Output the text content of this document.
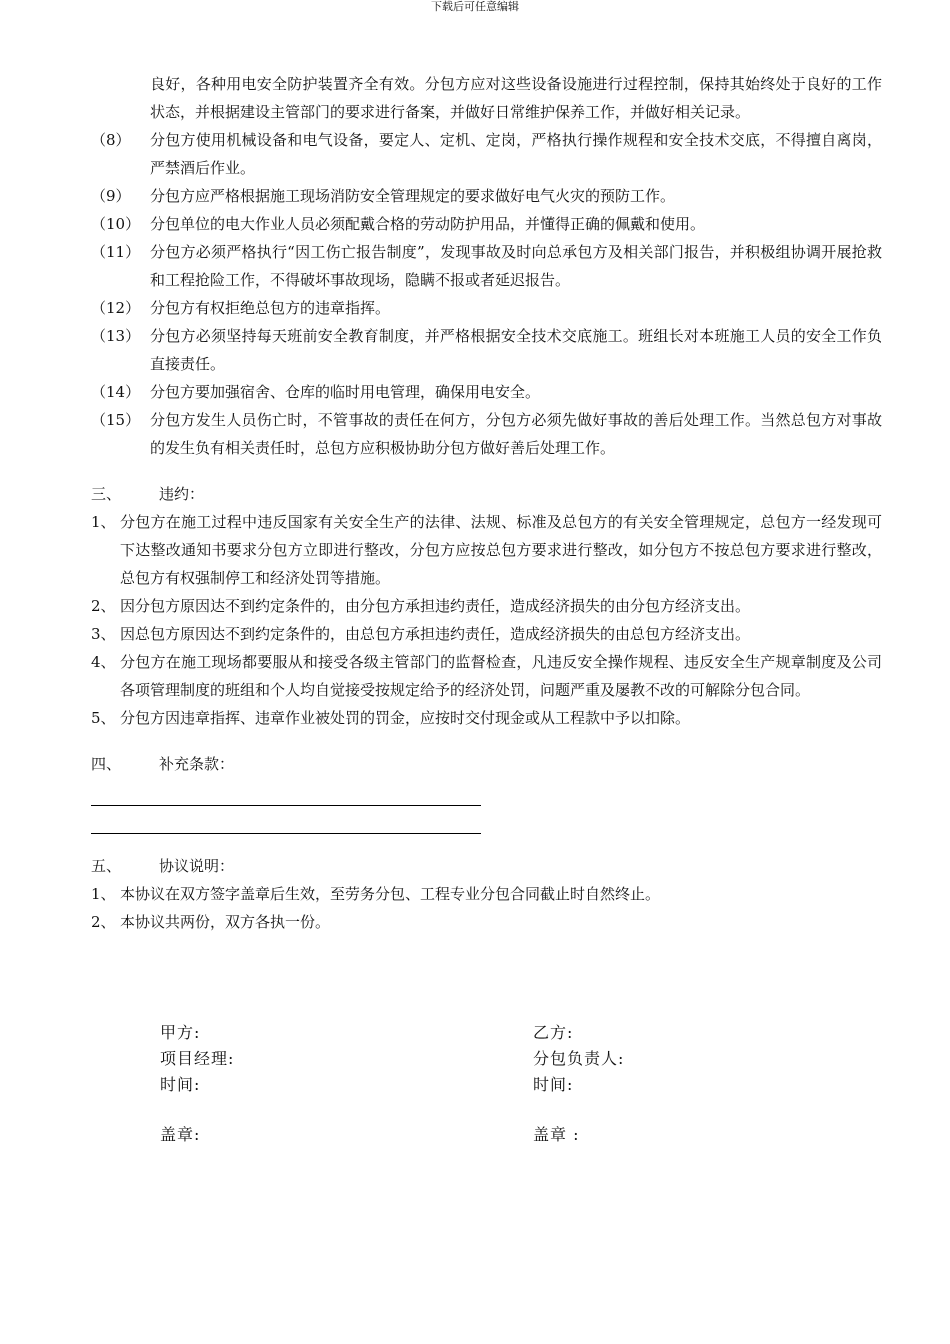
下载后可任意编辑
良好，各种用电安全防护装置齐全有效。分包方应对这些设备设施进行过程控制，保持其始终处于良好的工作状态，并根据建设主管部门的要求进行备案，并做好日常维护保养工作，并做好相关记录。
（8）	分包方使用机械设备和电气设备，要定人、定机、定岗，严格执行操作规程和安全技术交底，不得擅自离岗，严禁酒后作业。
（9）	分包方应严格根据施工现场消防安全管理规定的要求做好电气火灾的预防工作。
（10） 分包单位的电大作业人员必须配戴合格的劳动防护用品，并懂得正确的佩戴和使用。
（11） 分包方必须严格执行“因工伤亡报告制度”，发现事故及时向总承包方及相关部门报告，并积极组协调开展抢救和工程抢险工作，不得破坏事故现场，隐瞒不报或者延迟报告。
（12） 分包方有权拒绝总包方的违章指挥。
（13） 分包方必须坚持每天班前安全教育制度，并严格根据安全技术交底施工。班组长对本班施工人员的安全工作负直接责任。
（14） 分包方要加强宿舍、仓库的临时用电管理，确保用电安全。
（15） 分包方发生人员伤亡时，不管事故的责任在何方，分包方必须先做好事故的善后处理工作。当然总包方对事故的发生负有相关责任时，总包方应积极协助分包方做好善后处理工作。
三、	违约：
1、 分包方在施工过程中违反国家有关安全生产的法律、法规、标准及总包方的有关安全管理规定，总包方一经发现可下达整改通知书要求分包方立即进行整改，分包方应按总包方要求进行整改，如分包方不按总包方要求进行整改，总包方有权强制停工和经济处罚等措施。
2、 因分包方原因达不到约定条件的，由分包方承担违约责任，造成经济损失的由分包方经济支出。
3、 因总包方原因达不到约定条件的，由总包方承担违约责任，造成经济损失的由总包方经济支出。
4、 分包方在施工现场都要服从和接受各级主管部门的监督检查，凡违反安全操作规程、违反安全生产规章制度及公司各项管理制度的班组和个人均自觉接受按规定给予的经济处罚，问题严重及屡教不改的可解除分包合同。
5、 分包方因违章指挥、违章作业被处罚的罚金，应按时交付现金或从工程款中予以扣除。
四、	补充条款：
五、	协议说明：
1、 本协议在双方签字盖章后生效，至劳务分包、工程专业分包合同截止时自然终止。
2、 本协议共两份，双方各执一份。
甲方:	乙方:
项目经理:	分包负责人:
时间:	时间:
盖章:	盖章 :
